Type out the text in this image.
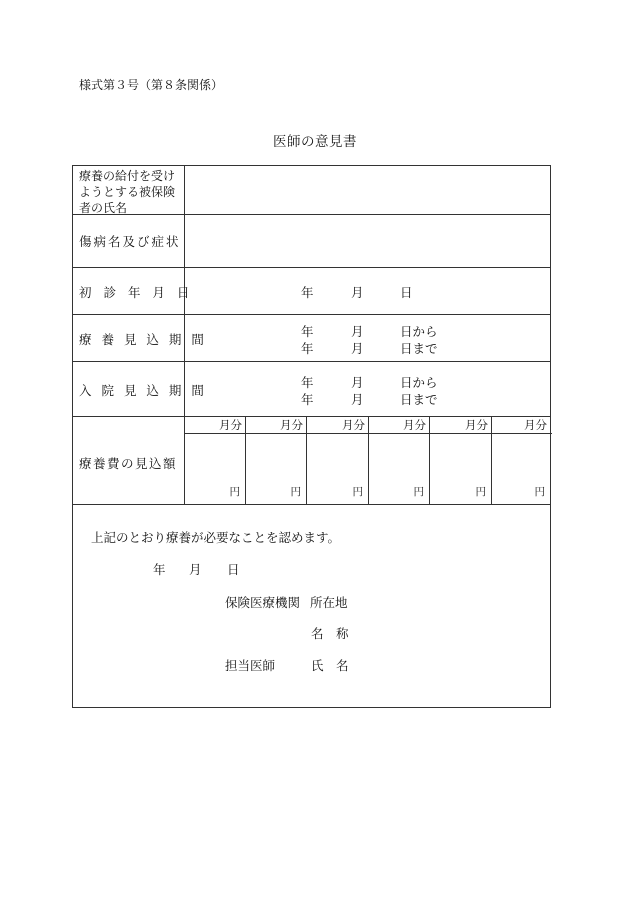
様式第３号（第８条関係）
医師の意見書
療養の給付を受け
ようとする被保険
者の氏名
傷病名及び症状
初 診 年 月 日	年	月	日
療 養 見 込 期 間
年	月	日から
年	月	日まで
入 院 見 込 期 間
年	月	日から
年	月	日まで
療養費の見込額
月分	月分	月分	月分	月分	月分
円	円	円	円	円	円
上記のとおり療養が必要なことを認めます。
年 月 日
保険医療機関 所在地
名　称
担当医師	氏　名
